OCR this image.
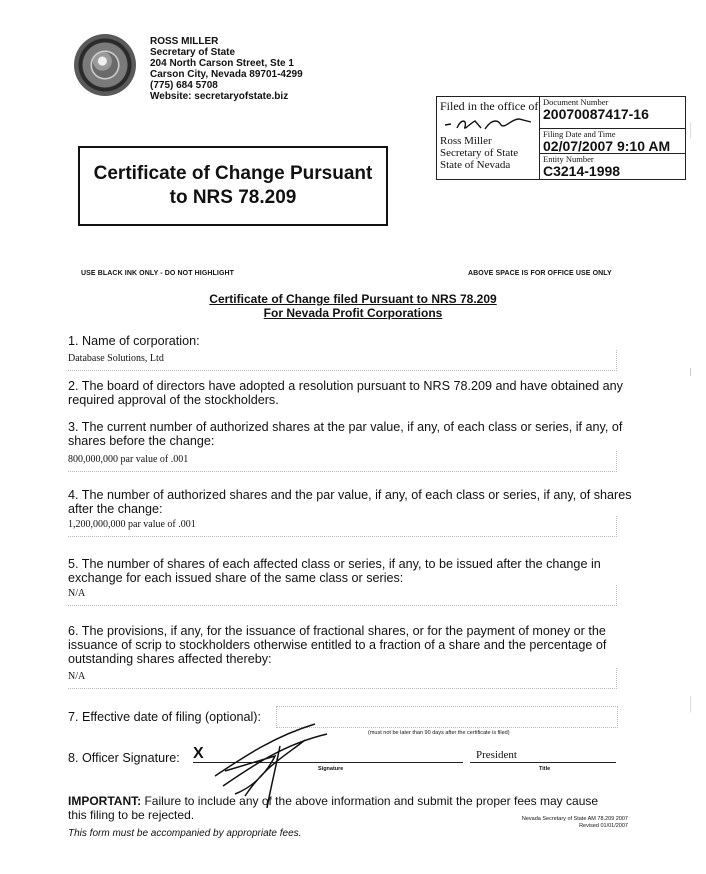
ROSS MILLER
Secretary of State
204 North Carson Street, Ste 1
Carson City, Nevada 89701-4299
(775) 684 5708
Website: secretaryofstate.biz
Filed in the office of
Ross Miller
Secretary of State
State of Nevada
Document Number
20070087417-16
Filing Date and Time
02/07/2007 9:10 AM
Entity Number
C3214-1998
Certificate of Change Pursuant
to NRS 78.209
USE BLACK INK ONLY - DO NOT HIGHLIGHT	ABOVE SPACE IS FOR OFFICE USE ONLY
Certificate of Change filed Pursuant to NRS 78.209
For Nevada Profit Corporations
1. Name of corporation:
Database Solutions, Ltd
2. The board of directors have adopted a resolution pursuant to NRS 78.209 and have obtained any required approval of the stockholders.
3. The current number of authorized shares at the par value, if any, of each class or series, if any, of shares before the change:
800,000,000 par value of .001
4. The number of authorized shares and the par value, if any, of each class or series, if any, of shares after the change:
1,200,000,000 par value of .001
5. The number of shares of each affected class or series, if any, to be issued after the change in exchange for each issued share of the same class or series:
N/A
6. The provisions, if any, for the issuance of fractional shares, or for the payment of money or the issuance of scrip to stockholders otherwise entitled to a fraction of a share and the percentage of outstanding shares affected thereby:
N/A
7. Effective date of filing (optional):
(must not be later than 90 days after the certificate is filed)
8. Officer Signature: X	President
Signature	Title
IMPORTANT: Failure to include any of the above information and submit the proper fees may cause this filing to be rejected.
This form must be accompanied by appropriate fees.
Nevada Secretary of State AM 78.209 2007
Revised 01/01/2007
